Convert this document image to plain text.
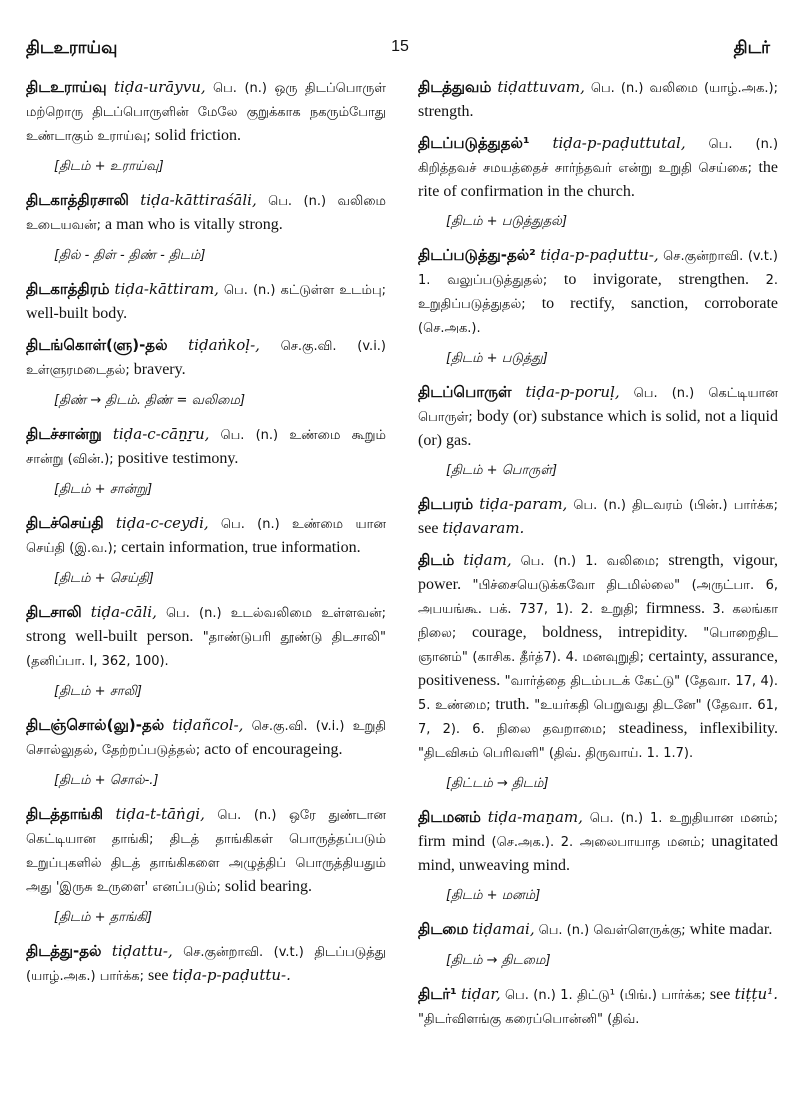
திடஉராய்வு	15	திடர்
திடஉராய்வு tiḍa-urāyvu, பெ. (n.) ஒரு திடப்பொருள் மற்றொரு திடப்பொருளின் மேலே குறுக்காக நகரும்போது உண்டாகும் உராய்வு; solid friction.
[திடம் + உராய்வு]
திடகாத்திரசாலி tiḍa-kāttiraśāli, பெ. (n.) வலிமை உடையவன்; a man who is vitally strong.
[தில் - திள் - திண் - திடம்]
திடகாத்திரம் tiḍa-kāttiram, பெ. (n.) கட்டுள்ள உடம்பு; well-built body.
திடங்கொள்(ளு)-தல் tiḍaṅkoḷ-, செ.கு.வி. (v.i.) உள்ளுரமடைதல்; bravery.
[திண் → திடம். திண் = வலிமை]
திடச்சான்று tiḍa-c-cāṉṟu, பெ. (n.) உண்மை கூறும் சான்று (வின்.); positive testimony.
[திடம் + சான்று]
திடச்செய்தி tiḍa-c-ceydi, பெ. (n.) உண்மை யான செய்தி (இ.வ.); certain information, true information.
[திடம் + செய்தி]
திடசாலி tiḍa-cāli, பெ. (n.) உடல்வலிமை உள்ளவன்; strong well-built person. "தாண்டுபரி தூண்டு திடசாலி" (தனிப்பா. I, 362, 100).
[திடம் + சாலி]
திடஞ்சொல்(லு)-தல் tiḍañcol-, செ.கு.வி. (v.i.) உறுதி சொல்லுதல், தேற்றப்படுத்தல்; acto of encourageing.
[திடம் + சொல்-.]
திடத்தாங்கி tiḍa-t-tāṅgi, பெ. (n.) ஒரே துண்டான கெட்டியான தாங்கி; திடத் தாங்கிகள் பொருத்தப்படும் உறுப்புகளில் திடத் தாங்கிகளை அழுத்திப் பொருத்தியதும் அது 'இருசு உருளை' எனப்படும்; solid bearing.
[திடம் + தாங்கி]
திடத்து-தல் tiḍattu-, செ.குன்றாவி. (v.t.) திடப்படுத்து (யாழ்.அக.) பார்க்க; see tiḍa-p-paḍuttu-.
திடத்துவம் tiḍattuvam, பெ. (n.) வலிமை (யாழ்.அக.); strength.
திடப்படுத்துதல்¹ tiḍa-p-paḍuttutal, பெ. (n.) கிறித்தவச் சமயத்தைச் சார்ந்தவர் என்று உறுதி செய்கை; the rite of confirmation in the church.
[திடம் + படுத்துதல்]
திடப்படுத்து-தல்² tiḍa-p-paḍuttu-, செ.குன்றாவி. (v.t.) 1. வலுப்படுத்துதல்; to invigorate, strengthen. 2. உறுதிப்படுத்துதல்; to rectify, sanction, corroborate (செ.அக.).
[திடம் + படுத்து]
திடப்பொருள் tiḍa-p-poruḷ, பெ. (n.) கெட்டியான பொருள்; body (or) substance which is solid, not a liquid (or) gas.
[திடம் + பொருள்]
திடபரம் tiḍa-param, பெ. (n.) திடவரம் (பின்.) பார்க்க; see tiḍavaram.
திடம் tiḍam, பெ. (n.) 1. வலிமை; strength, vigour, power. "பிச்சையெடுக்கவோ திடமில்லை" (அருட்பா. 6, அபயங்கூ. பக். 737, 1). 2. உறுதி; firmness. 3. கலங்கா நிலை; courage, boldness, intrepidity. "பொறைதிட ஞானம்" (காசிக. தீர்த்7). 4. மனவுறுதி; certainty, assurance, positiveness. "வார்த்தை திடம்படக் கேட்டு" (தேவா. 17, 4). 5. உண்மை; truth. "உயர்கதி பெறுவது திடனே" (தேவா. 61, 7, 2). 6. நிலை தவறாமை; steadiness, inflexibility. "திடவிசும் பெரிவளி" (திவ். திருவாய். 1. 1.7).
[திட்டம் → திடம்]
திடமனம் tiḍa-maṉam, பெ. (n.) 1. உறுதியான மனம்; firm mind (செ.அக.). 2. அலைபாயாத மனம்; unagitated mind, unweaving mind.
[திடம் + மனம்]
திடமை tiḍamai, பெ. (n.) வெள்ளெருக்கு; white madar.
[திடம் → திடமை]
திடர்¹ tiḍar, பெ. (n.) 1. திட்டு¹ (பிங்.) பார்க்க; see tiṭṭu¹. "திடர்விளங்கு கரைப்பொன்னி" (திவ்.
